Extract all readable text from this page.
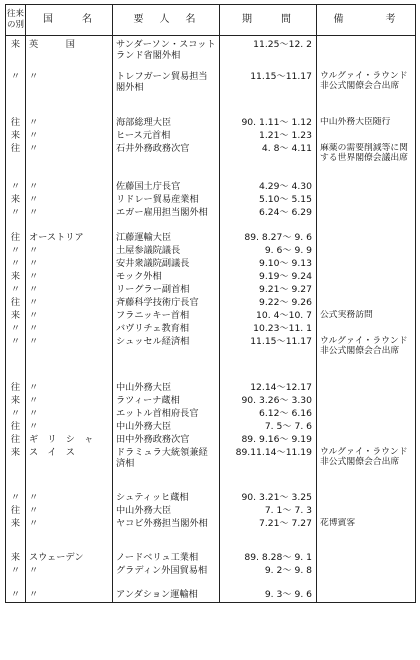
往来の別	国　　名	要　人　名	期　　間	備　　　考
来	英　　　国	サンダーソン・スコットランド省閣外相	11.25～12. 2	
〃	〃	トレフガーン貿易担当閣外相	11.15～11.17	ウルグァイ・ラウンド非公式閣僚会合出席
往	〃	海部総理大臣	90. 1.11～ 1.12	中山外務大臣随行
来	〃	ヒース元首相	1.21～ 1.23	
往	〃	石井外務政務次官	4. 8～ 4.11	麻薬の需要削減等に関する世界閣僚会議出席
〃	〃	佐藤国土庁長官	4.29～ 4.30	
来	〃	リドレー貿易産業相	5.10～ 5.15	
〃	〃	エガー雇用担当閣外相	6.24～ 6.29	
往	オーストリア	江藤運輸大臣	89. 8.27～ 9. 6	
〃	〃	土屋参議院議長	9. 6～ 9. 9	
〃	〃	安井衆議院副議長	9.10～ 9.13	
来	〃	モック外相	9.19～ 9.24	
〃	〃	リーグラー副首相	9.21～ 9.27	
往	〃	斉藤科学技術庁長官	9.22～ 9.26	
来	〃	フラニッキー首相	10. 4～10. 7	公式実務訪問
〃	〃	バヴリチェ教育相	10.23～11. 1	
〃	〃	シュッセル経済相	11.15～11.17	ウルグァイ・ラウンド非公式閣僚会合出席
往	〃	中山外務大臣	12.14～12.17	
来	〃	ラツィーナ蔵相	90. 3.26～ 3.30	
〃	〃	エットル首相府長官	6.12～ 6.16	
往	〃	中山外務大臣	7. 5～ 7. 6	
往	ギ　リ　シ　ャ	田中外務政務次官	89. 9.16～ 9.19	
来	ス　イ　ス	ドラミュラ大統領兼経済相	89.11.14～11.19	ウルグァイ・ラウンド非公式閣僚会合出席
〃	〃	シュティッヒ蔵相	90. 3.21～ 3.25	
往	〃	中山外務大臣	7. 1～ 7. 3	
来	〃	ヤコビ外務担当閣外相	7.21～ 7.27	花博賓客
来	スウェーデン	ノードベリュ工業相	89. 8.28～ 9. 1	
〃	〃	グラディン外国貿易相	9. 2～ 9. 8	
〃	〃	アンダション運輸相	9. 3～ 9. 6	
